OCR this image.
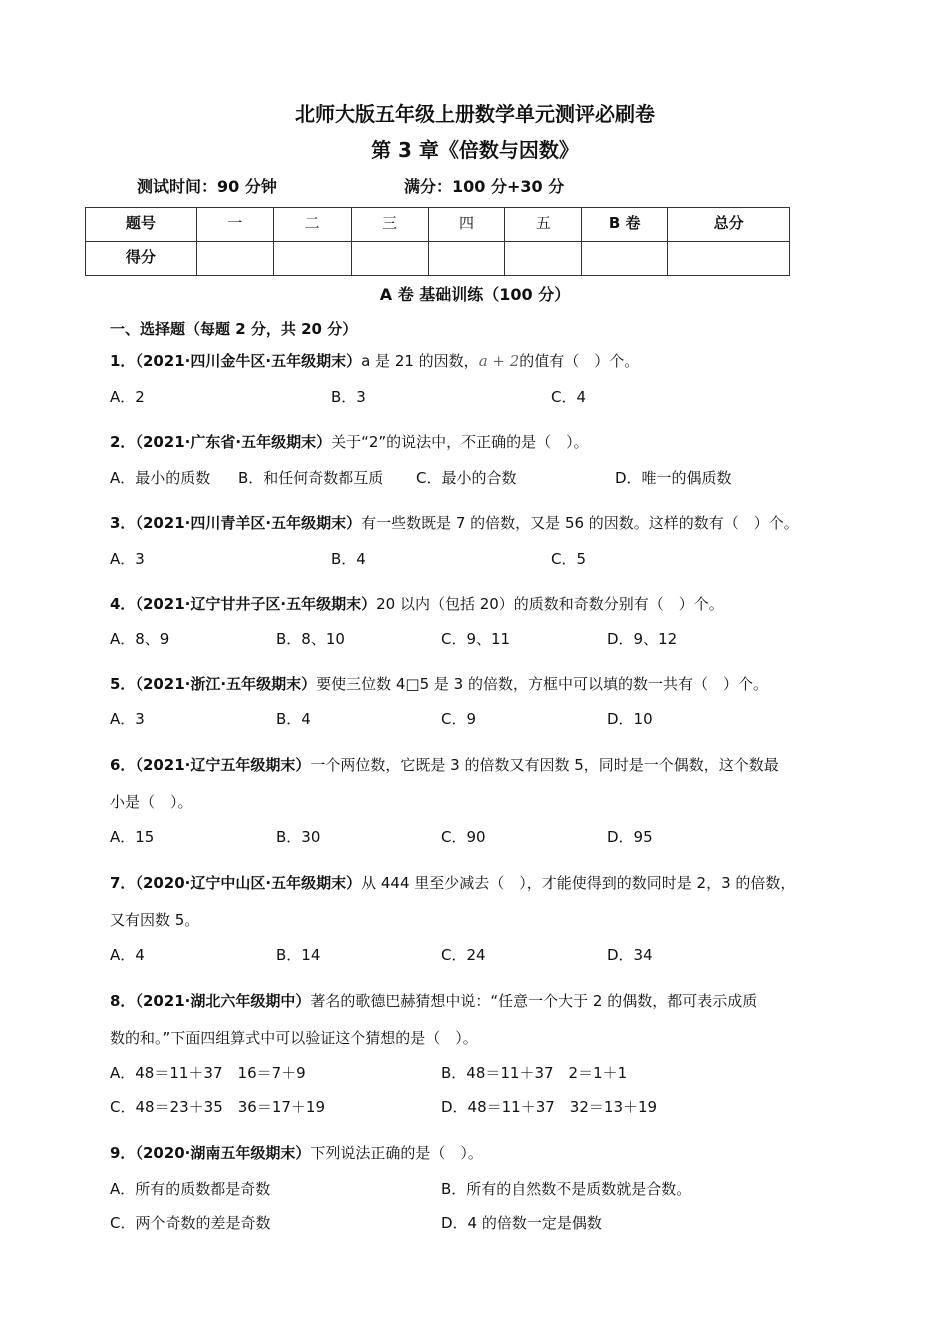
北师大版五年级上册数学单元测评必刷卷
第 3 章《倍数与因数》
测试时间：90 分钟	满分：100 分+30 分
题号	一	二	三	四	五	B 卷	总分
得分							
A 卷 基础训练（100 分）
一、选择题（每题 2 分，共 20 分）
1．（2021·四川金牛区·五年级期末）a 是 21 的因数，a + 2的值有（　）个。
A．2	B．3	C．4
2．（2021·广东省·五年级期末）关于“2”的说法中，不正确的是（　）。
A．最小的质数 B．和任何奇数都互质 C．最小的合数	D．唯一的偶质数
3．（2021·四川青羊区·五年级期末）有一些数既是 7 的倍数，又是 56 的因数。这样的数有（　）个。
A．3	B．4	C．5
4．（2021·辽宁甘井子区·五年级期末）20 以内（包括 20）的质数和奇数分别有（　）个。
A．8、9	B．8、10	C．9、11	D．9、12
5．（2021·浙江·五年级期末）要使三位数 4□5 是 3 的倍数，方框中可以填的数一共有（　）个。
A．3	B．4	C．9	D．10
6．（2021·辽宁五年级期末）一个两位数，它既是 3 的倍数又有因数 5，同时是一个偶数，这个数最
小是（　）。
A．15	B．30	C．90	D．95
7．（2020·辽宁中山区·五年级期末）从 444 里至少减去（　），才能使得到的数同时是 2，3 的倍数，
又有因数 5。
A．4	B．14	C．24	D．34
8．（2021·湖北六年级期中）著名的歌德巴赫猜想中说：“任意一个大于 2 的偶数，都可表示成质
数的和。”下面四组算式中可以验证这个猜想的是（　）。
A．48＝11＋37　16＝7＋9	B．48＝11＋37　2＝1＋1
C．48＝23＋35　36＝17＋19	D．48＝11＋37　32＝13＋19
9．（2020·湖南五年级期末）下列说法正确的是（　）。
A．所有的质数都是奇数	B．所有的自然数不是质数就是合数。
C．两个奇数的差是奇数	D．4 的倍数一定是偶数
